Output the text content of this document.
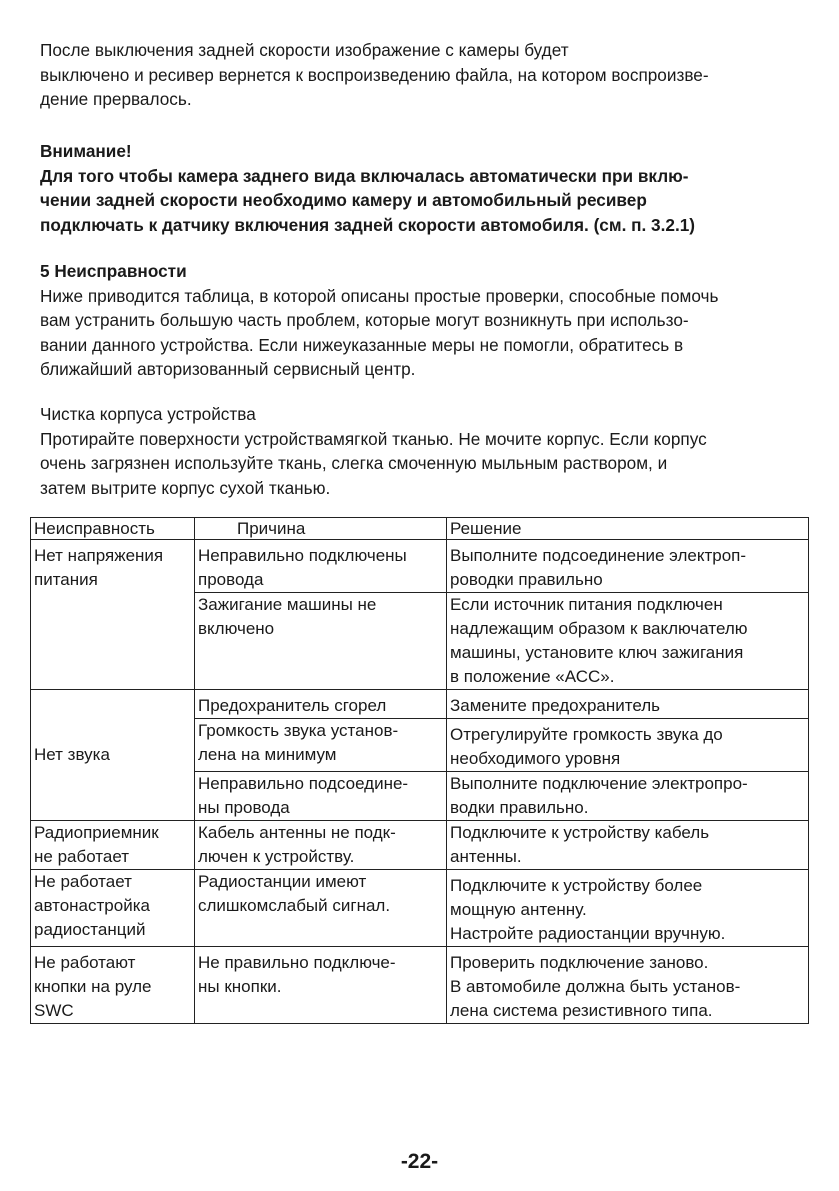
После выключения задней скорости изображение с камеры будет
выключено и ресивер вернется к воспроизведению файла, на котором воспроизве-
дение прервалось.
Внимание!
Для того чтобы камера заднего вида включалась автоматически при вклю-
чении задней скорости необходимо камеру и автомобильный ресивер
подключать к датчику включения задней скорости автомобиля. (см. п. 3.2.1)
5 Неисправности
Ниже приводится таблица, в которой описаны простые проверки, способные помочь
вам устранить большую часть проблем, которые могут возникнуть при использо-
вании данного устройства. Если нижеуказанные меры не помогли, обратитесь в
ближайший авторизованный сервисный центр.
Чистка корпуса устройства
Протирайте поверхности устройствамягкой тканью. Не мочите корпус. Если корпус
очень загрязнен используйте ткань, слегка смоченную мыльным раствором, и
затем вытрите корпус сухой тканью.
Неисправность	Причина	Решение

Нет напряжения
питания	Неправильно подключены
провода	Выполните подсоединение электроп-
роводки правильно

	Зажигание машины не
включено	Если источник питания подключен
надлежащим образом к ваключателю
машины, установите ключ зажигания
в положение «АСС».

Нет звука	Предохранитель сгорел	Замените предохранитель

	Громкость звука установ-
лена на минимум	Отрегулируйте громкость звука до
необходимого уровня

	Неправильно подсоедине-
ны провода	Выполните подключение электропро-
водки правильно.

Радиоприемник
не работает	Кабель антенны не подк-
лючен к устройству.	Подключите к устройству кабель
антенны.

Не работает
автонастройка
радиостанций	Радиостанции имеют
слишкомслабый сигнал.	Подключите к устройству более
мощную антенну.
Настройте радиостанции вручную.

Не работают
кнопки на руле
SWC	Не правильно подключе-
ны кнопки.	Проверить подключение заново.
В автомобиле должна быть установ-
лена система резистивного типа.
-22-
